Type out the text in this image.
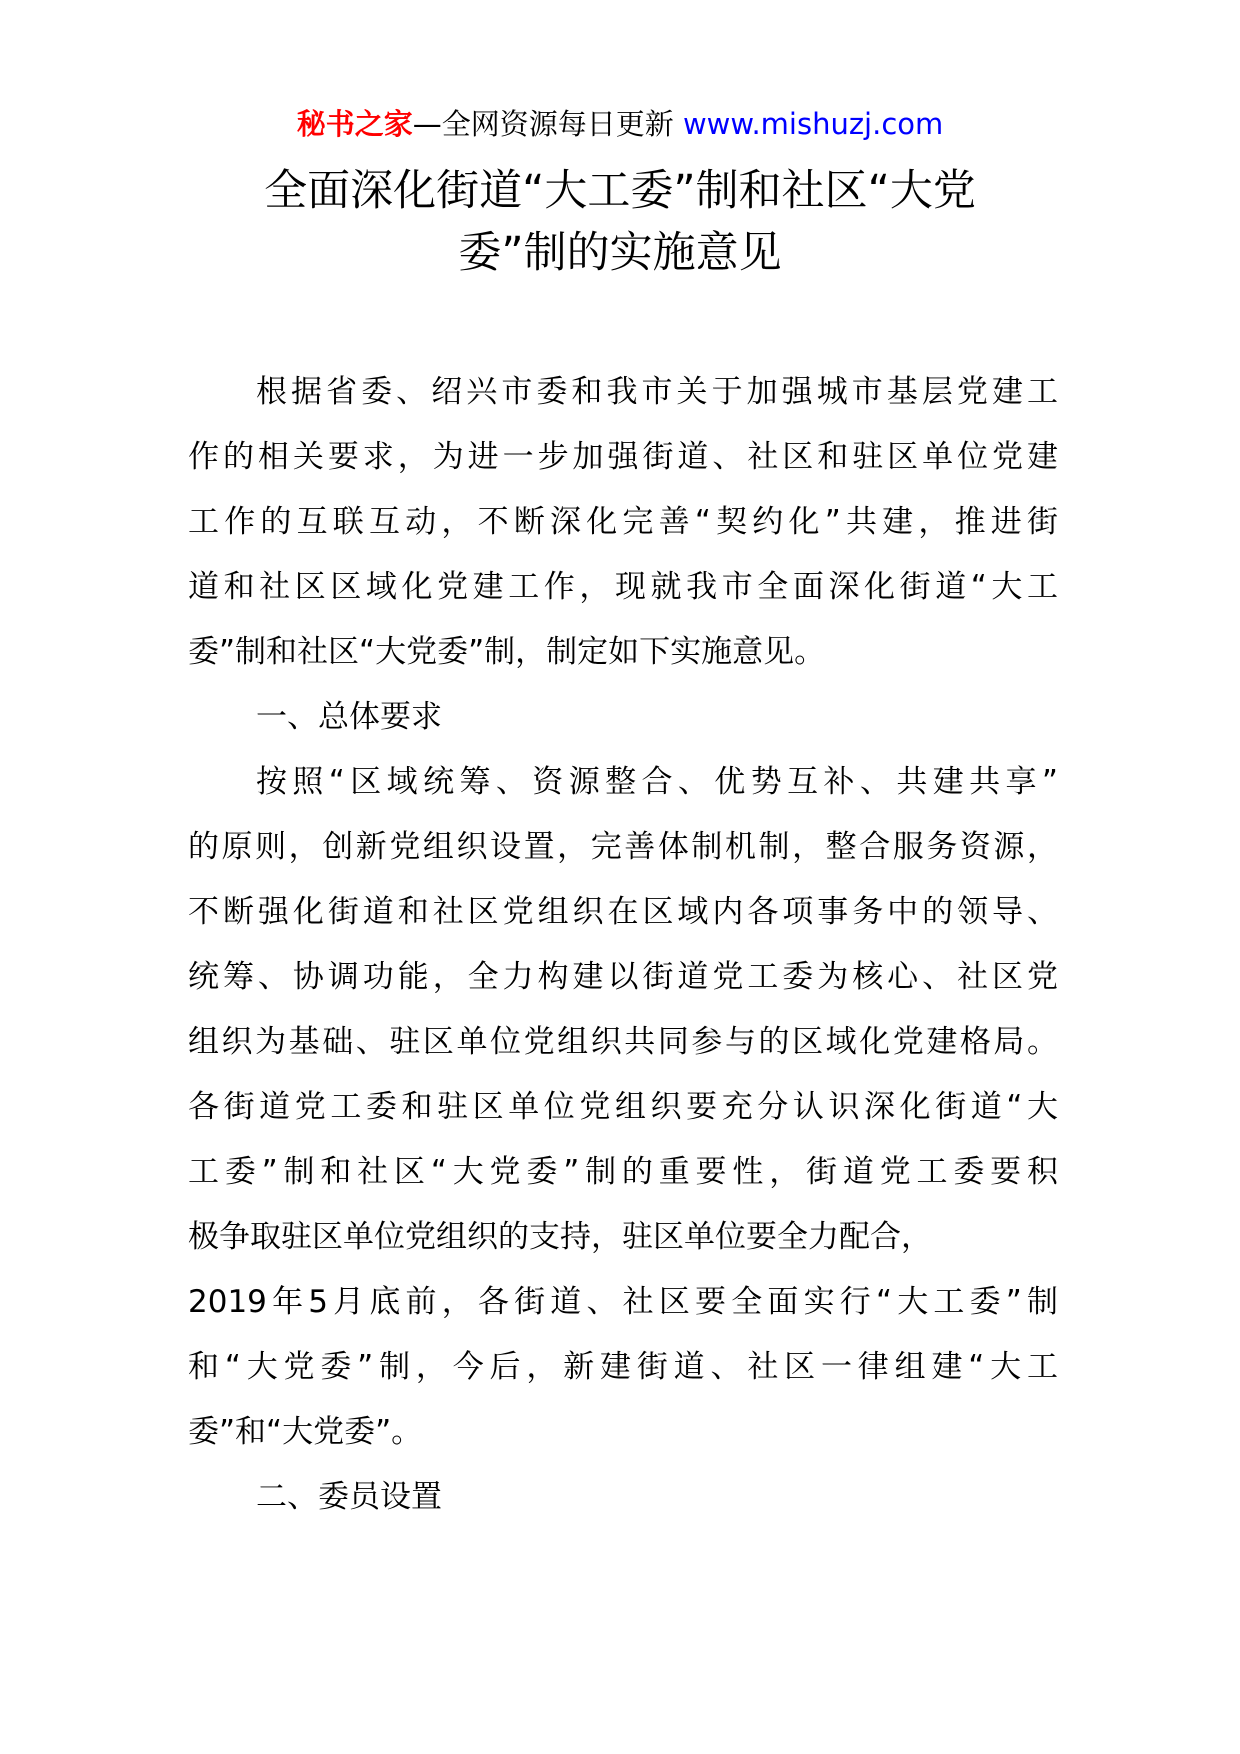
秘书之家—全网资源每日更新 www.mishuzj.com
全面深化街道“大工委”制和社区“大党
委”制的实施意见
根据省委、绍兴市委和我市关于加强城市基层党建工
作的相关要求，为进一步加强街道、社区和驻区单位党建
工作的互联互动，不断深化完善“契约化”共建，推进街
道和社区区域化党建工作，现就我市全面深化街道“大工
委”制和社区“大党委”制，制定如下实施意见。
一、总体要求
按照“区域统筹、资源整合、优势互补、共建共享”
的原则，创新党组织设置，完善体制机制，整合服务资源，
不断强化街道和社区党组织在区域内各项事务中的领导、
统筹、协调功能，全力构建以街道党工委为核心、社区党
组织为基础、驻区单位党组织共同参与的区域化党建格局。
各街道党工委和驻区单位党组织要充分认识深化街道“大
工委”制和社区“大党委”制的重要性，街道党工委要积
极争取驻区单位党组织的支持，驻区单位要全力配合，
2019年5月底前，各街道、社区要全面实行“大工委”制
和“大党委”制，今后，新建街道、社区一律组建“大工
委”和“大党委”。
二、委员设置
